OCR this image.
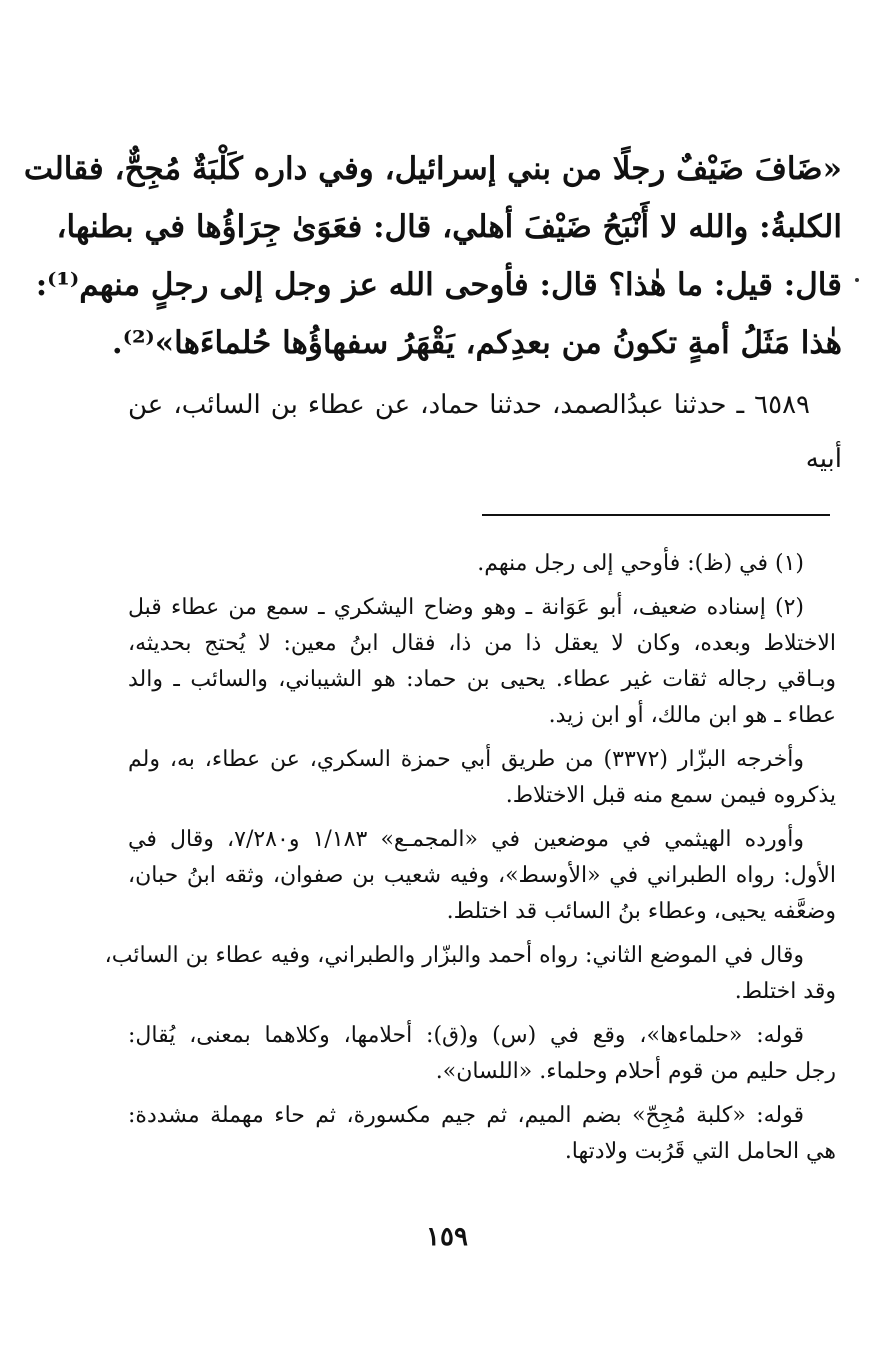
«ضَافَ ضَيْفٌ رجلًا من بني إسرائيل، وفي داره كَلْبَةٌ مُجِحٌّ، فقالت
الكلبةُ: والله لا أَنْبَحُ ضَيْفَ أهلي، قال: فعَوَىٰ جِرَاؤُها في بطنها،
قال: قيل: ما هٰذا؟ قال: فأوحى الله عز وجل إلى رجلٍ منهم⁽¹⁾:
هٰذا مَثَلُ أمةٍ تكونُ من بعدِكم، يَقْهَرُ سفهاؤُها حُلماءَها»⁽²⁾.
٦٥٨٩ ـ حدثنا عبدُالصمد، حدثنا حماد، عن عطاء بن السائب، عن
أبيه
(١) في (ظ): فأوحي إلى رجل منهم.
(٢) إسناده ضعيف، أبو عَوَانة ـ وهو وضاح اليشكري ـ سمع من عطاء قبل
الاختلاط وبعده، وكان لا يعقل ذا من ذا، فقال ابنُ معين: لا يُحتج بحديثه،
وبـاقي رجاله ثقات غير عطاء. يحيى بن حماد: هو الشيباني، والسائب ـ والد
عطاء ـ هو ابن مالك، أو ابن زيد.
وأخرجه البزّار (٣٣٧٢) من طريق أبي حمزة السكري، عن عطاء، به، ولم
يذكروه فيمن سمع منه قبل الاختلاط.
وأورده الهيثمي في موضعين في «المجمـع» ١/١٨٣ و٧/٢٨٠، وقال في
الأول: رواه الطبراني في «الأوسط»، وفيه شعيب بن صفوان، وثقه ابنُ حبان،
وضعَّفه يحيى، وعطاء بنُ السائب قد اختلط.
وقال في الموضع الثاني: رواه أحمد والبزّار والطبراني، وفيه عطاء بن السائب،
وقد اختلط.
قوله: «حلماءها»، وقع في (س) و(ق): أحلامها، وكلاهما بمعنى، يُقال:
رجل حليم من قوم أحلام وحلماء. «اللسان».
قوله: «كلبة مُجِحّ» بضم الميم، ثم جيم مكسورة، ثم حاء مهملة مشددة:
هي الحامل التي قَرُبت ولادتها.
١٥٩
